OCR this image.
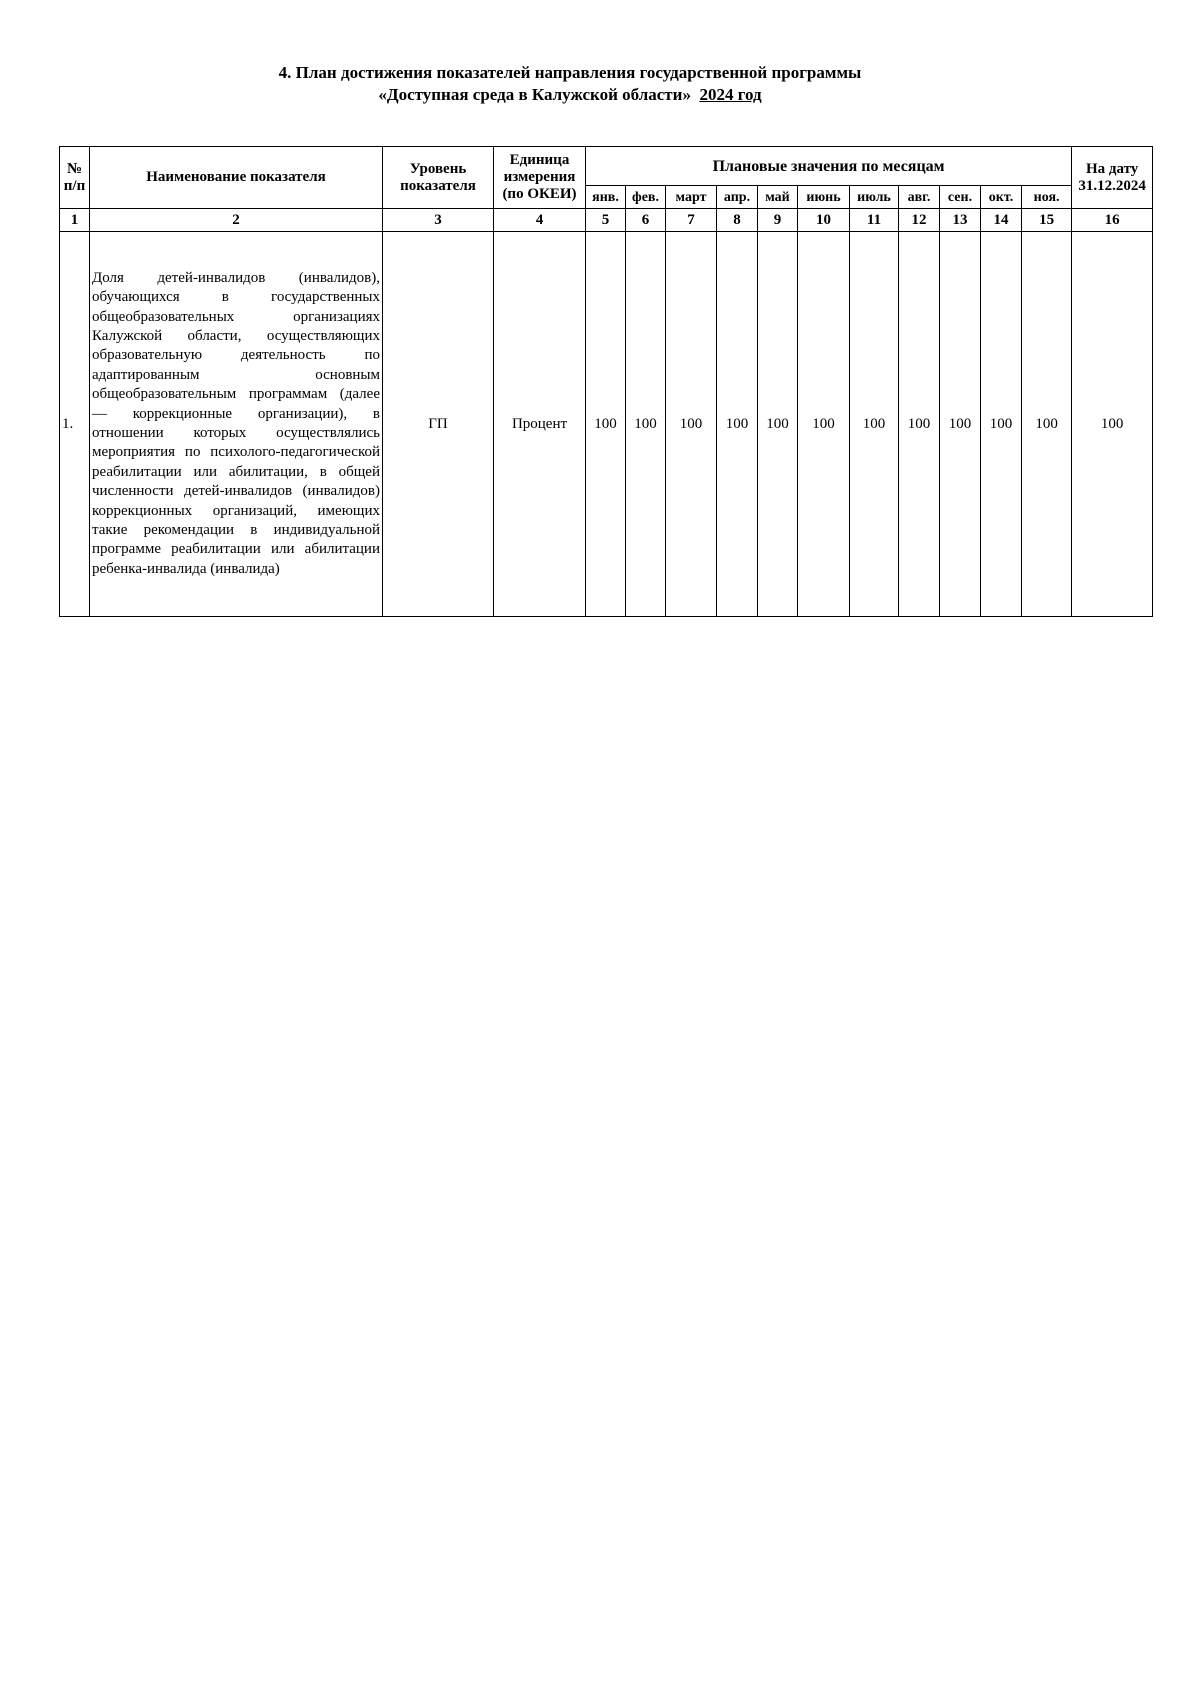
4. План достижения показателей направления государственной программы
«Доступная среда в Калужской области» 2024 год
№ п/п	Наименование показателя	Уровень показателя	Единица измерения (по ОКЕИ)	Плановые значения по месяцам											На дату 31.12.2024
				янв.	фев.	март	апр.	май	июнь	июль	авг.	сен.	окт.	ноя.	
1	2	3	4	5	6	7	8	9	10	11	12	13	14	15	16
1.	Доля детей-инвалидов (инвалидов), обучающихся в государственных общеобразовательных организациях Калужской области, осуществляющих образовательную деятельность по адаптированным основным общеобразовательным программам (далее — коррекционные организации), в отношении которых осуществлялись мероприятия по психолого-педагогической реабилитации или абилитации, в общей численности детей-инвалидов (инвалидов) коррекционных организаций, имеющих такие рекомендации в индивидуальной программе реабилитации или абилитации ребенка-инвалида (инвалида)	ГП	Процент	100	100	100	100	100	100	100	100	100	100	100	100
